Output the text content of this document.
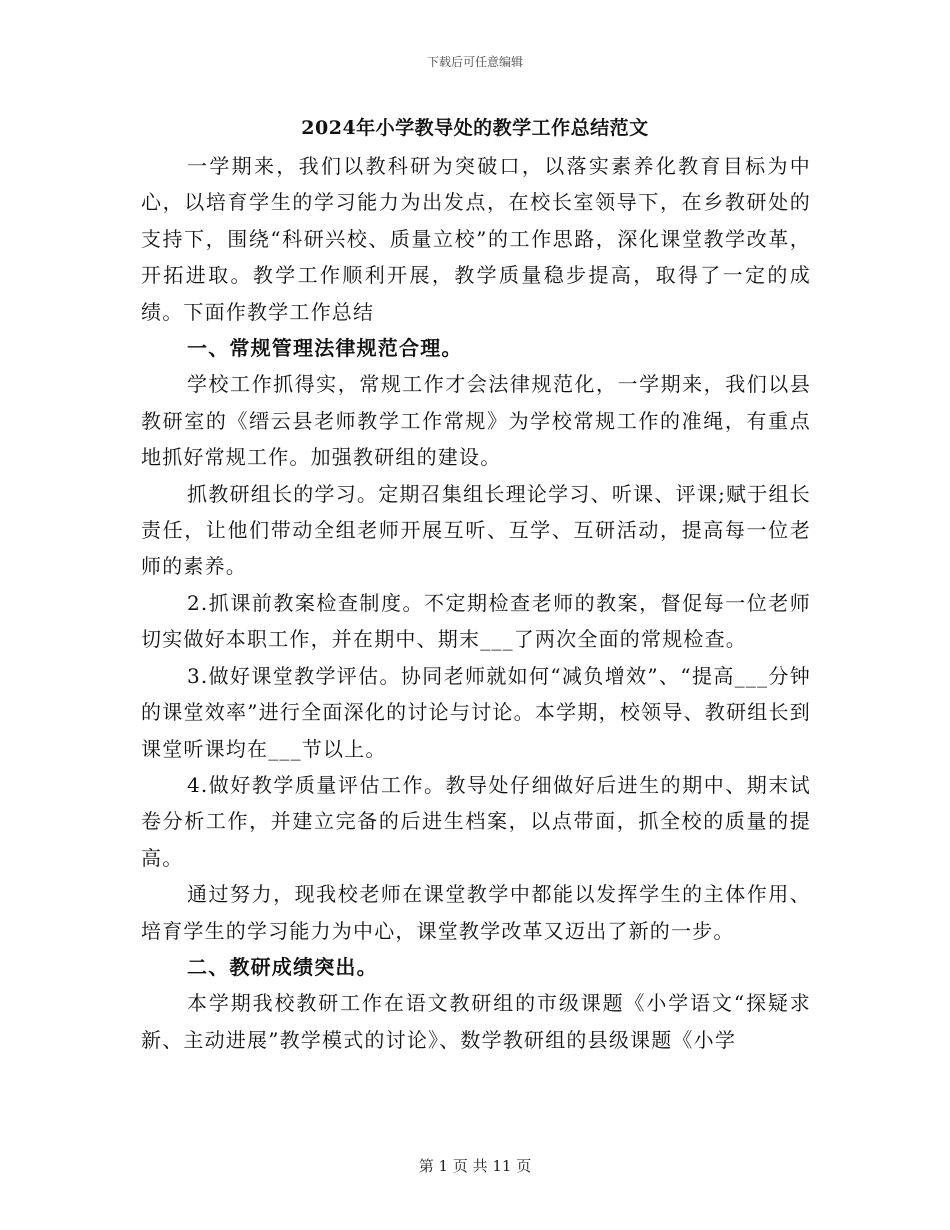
下载后可任意编辑
2024年小学教导处的教学工作总结范文

一学期来，我们以教科研为突破口，以落实素养化教育目标为中心，以培育学生的学习能力为出发点，在校长室领导下，在乡教研处的支持下，围绕“科研兴校、质量立校”的工作思路，深化课堂教学改革，开拓进取。教学工作顺利开展，教学质量稳步提高，取得了一定的成绩。下面作教学工作总结

一、常规管理法律规范合理。

学校工作抓得实，常规工作才会法律规范化，一学期来，我们以县教研室的《缙云县老师教学工作常规》为学校常规工作的准绳，有重点地抓好常规工作。加强教研组的建设。

抓教研组长的学习。定期召集组长理论学习、听课、评课;赋于组长责任，让他们带动全组老师开展互听、互学、互研活动，提高每一位老师的素养。

2.抓课前教案检查制度。不定期检查老师的教案，督促每一位老师切实做好本职工作，并在期中、期末___了两次全面的常规检查。

3.做好课堂教学评估。协同老师就如何“减负增效”、“提高___分钟的课堂效率”进行全面深化的讨论与讨论。本学期，校领导、教研组长到课堂听课均在___节以上。

4.做好教学质量评估工作。教导处仔细做好后进生的期中、期末试卷分析工作，并建立完备的后进生档案，以点带面，抓全校的质量的提高。

通过努力，现我校老师在课堂教学中都能以发挥学生的主体作用、培育学生的学习能力为中心，课堂教学改革又迈出了新的一步。

二、教研成绩突出。

本学期我校教研工作在语文教研组的市级课题《小学语文“探疑求新、主动进展”教学模式的讨论》、数学教研组的县级课题《小学

第 1 页 共 11 页
